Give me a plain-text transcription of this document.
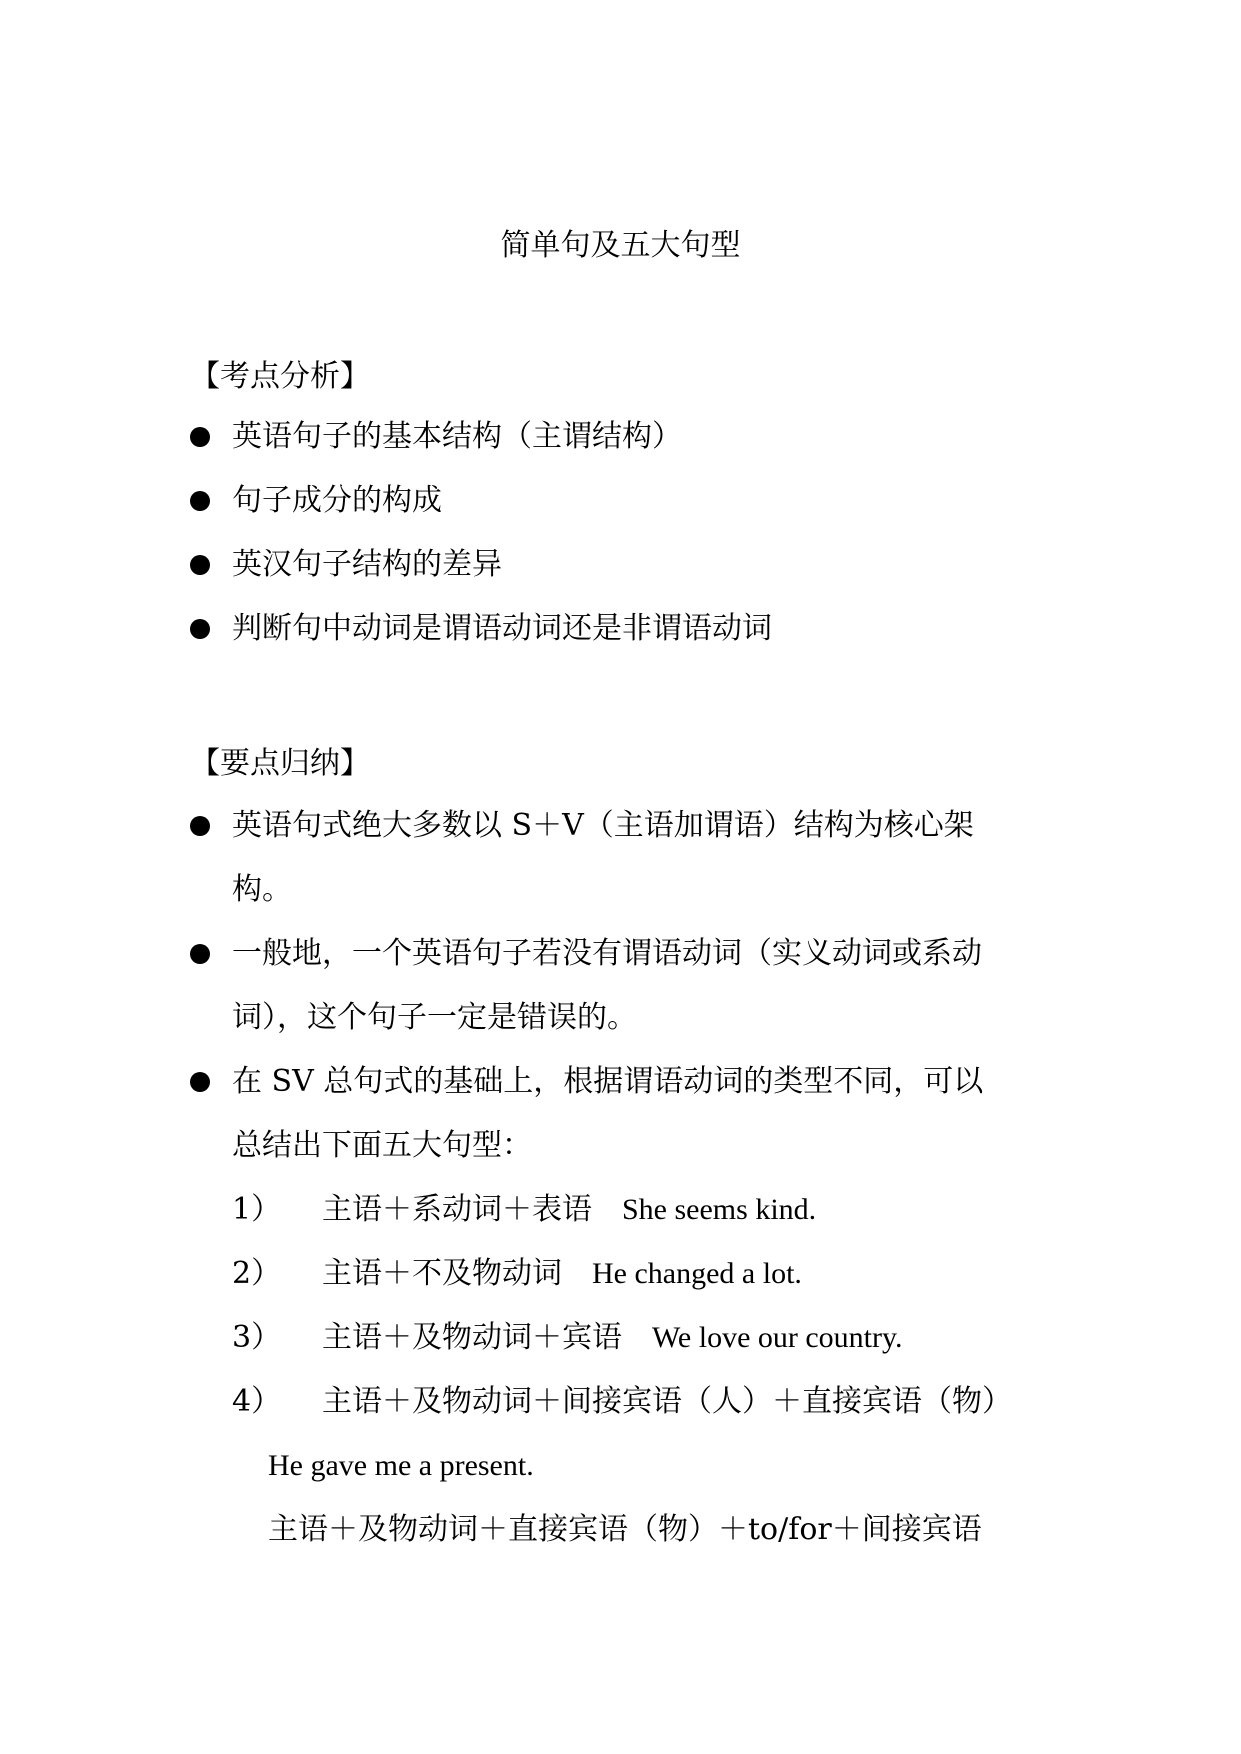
简单句及五大句型
【考点分析】
英语句子的基本结构（主谓结构）
句子成分的构成
英汉句子结构的差异
判断句中动词是谓语动词还是非谓语动词
【要点归纳】
英语句式绝大多数以 S＋V（主语加谓语）结构为核心架
构。
一般地，一个英语句子若没有谓语动词（实义动词或系动
词），这个句子一定是错误的。
在 SV 总句式的基础上，根据谓语动词的类型不同，可以
总结出下面五大句型：
1） 主语＋系动词＋表语  She seems kind.
2） 主语＋不及物动词  He changed a lot.
3） 主语＋及物动词＋宾语  We love our country.
4） 主语＋及物动词＋间接宾语（人）＋直接宾语（物）
He gave me a present.
主语＋及物动词＋直接宾语（物）＋to/for＋间接宾语
